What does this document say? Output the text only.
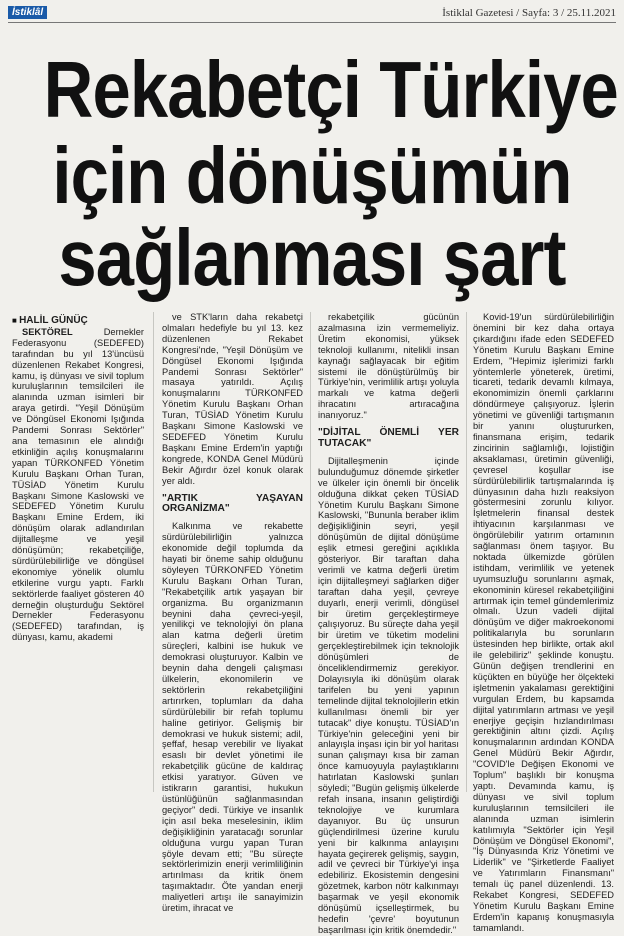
İstiklâl	İstiklal Gazetesi / Sayfa: 3 / 25.11.2021
Rekabetçi Türkiye
için dönüşümün
sağlanması şart
■ HALİL GÜNÜÇ

SEKTÖREL	Dernekler Federasyonu (SEDEFED) tarafından bu yıl 13'üncüsü düzenlenen Rekabet Kongresi, kamu, iş dünyası ve sivil toplum kuruluşlarının temsilcileri ile alanında uzman isimleri bir araya getirdi. "Yeşil Dönüşüm ve Döngüsel Ekonomi Işığında Pandemi Sonrası Sektörler" ana temasının ele alındığı etkinliğin açılış konuşmalarını yapan TÜRKONFED Yönetim Kurulu Başkanı Orhan Turan, TÜSİAD Yönetim Kurulu Başkanı Simone Kaslowski ve SEDEFED Yönetim Kurulu Başkanı Emine Erdem, iki dönüşüm olarak adlandırılan dijitalleşme ve yeşil dönüşümün; rekabetçiliğe, sürdürülebilirliğe ve döngüsel ekonomiye yönelik olumlu etkilerine vurgu yaptı. Farklı sektörlerde faaliyet gösteren 40 derneğin oluşturduğu Sektörel Dernekler Federasyonu (SEDEFED) tarafından, iş dünyası, kamu, akademi

ve STK'ların daha rekabetçi olmaları hedefiyle bu yıl 13. kez düzenlenen Rekabet Kongresi'nde, "Yeşil Dönüşüm ve Döngüsel Ekonomi Işığında Pandemi Sonrası Sektörler" masaya yatırıldı. Açılış konuşmalarını TÜRKONFED Yönetim Kurulu Başkanı Orhan Turan, TÜSİAD Yönetim Kurulu Başkanı Simone Kaslowski ve SEDEFED Yönetim Kurulu Başkanı Emine Erdem'in yaptığı kongrede, KONDA Genel Müdürü Bekir Ağırdır özel konuk olarak yer aldı.

"ARTIK YAŞAYAN ORGANİZMA"

Kalkınma ve rekabette sürdürülebilirliğin yalnızca ekonomide değil toplumda da hayati bir öneme sahip olduğunu söyleyen TÜRKONFED Yönetim Kurulu Başkanı Orhan Turan, "Rekabetçilik artık yaşayan bir organizma. Bu organizmanın beynini daha çevreci-yeşil, yenilikçi ve teknolojiyi ön plana alan katma değerli üretim süreçleri, kalbini ise hukuk ve demokrasi oluşturuyor. Kalbin ve beynin daha dengeli çalışması ülkelerin, ekonomilerin ve sektörlerin rekabetçiliğini artırırken, toplumları da daha sürdürülebilir bir refah toplumu haline getiriyor. Gelişmiş bir demokrasi ve hukuk sistemi; adil, şeffaf, hesap verebilir ve liyakat esaslı bir devlet yönetimi ile rekabetçilik gücüne de kaldıraç etkisi yaratıyor. Güven ve istikrarın garantisi, hukukun üstünlüğünün sağlanmasından geçiyor" dedi. Türkiye ve insanlık için asıl beka meselesinin, iklim değişikliğinin yaratacağı sorunlar olduğuna vurgu yapan Turan şöyle devam etti; "Bu süreçte sektörlerimizin enerji verimliliğinin artırılması da kritik önem taşımaktadır. Öte yandan enerji maliyetleri artışı ile sanayimizin üretim, ihracat ve

rekabetçilik gücünün azalmasına izin vermemeliyiz. Üretim ekonomisi, yüksek teknoloji kullanımı, nitelikli insan kaynağı sağlayacak bir eğitim sistemi ile dönüştürülmüş bir Türkiye'nin, verimlilik artışı yoluyla markalı ve katma değerli ihracatını artıracağına inanıyoruz."

"DİJİTAL ÖNEMLİ YER TUTACAK"

Dijitalleşmenin içinde bulunduğumuz dönemde şirketler ve ülkeler için önemli bir öncelik olduğuna dikkat çeken TÜSİAD Yönetim Kurulu Başkanı Simone Kaslowski, "Bununla beraber iklim değişikliğinin seyri, yeşil dönüşümün de dijital dönüşüme eşlik etmesi gereğini açıklıkla gösteriyor. Bir taraftan daha verimli ve katma değerli üretim için dijitalleşmeyi sağlarken diğer taraftan daha yeşil, çevreye duyarlı, enerji verimli, döngüsel bir üretim gerçekleştirmeye çalışıyoruz. Bu süreçte daha yeşil bir üretim ve tüketim modelini gerçekleştirebilmek için teknolojik dönüşümleri de önceliklendirmemiz gerekiyor. Dolayısıyla iki dönüşüm olarak tarifelen bu yeni yapının temelinde dijital teknolojilerin etkin kullanılması önemli bir yer tutacak" diye konuştu. TÜSİAD'ın Türkiye'nin geleceğini yeni bir anlayışla inşası için bir yol haritası sunan çalışmayı kısa bir zaman önce kamuoyuyla paylaştıklarını hatırlatan Kaslowski şunları söyledi; "Bugün gelişmiş ülkelerde refah insana, insanın geliştirdiği teknolojiye ve kurumlara dayanıyor. Bu üç unsurun güçlendirilmesi üzerine kurulu yeni bir kalkınma anlayışını hayata geçirerek gelişmiş, saygın, adil ve çevreci bir Türkiye'yi inşa edebiliriz. Ekosistemin dengesini gözetmek, karbon nötr kalkınmayı başarmak ve yeşil ekonomik dönüşümü içselleştirmek, bu hedefin 'çevre' boyutunun başarılması için kritik önemdedir."

Kovid-19'un sürdürülebilirliğin önemini bir kez daha ortaya çıkardığını ifade eden SEDEFED Yönetim Kurulu Başkanı Emine Erdem, "Hepimiz işlerimizi farklı yöntemlerle yöneterek, üretimi, ticareti, tedarik devamlı kılmaya, ekonomimizin önemli çarklarını döndürmeye çalışıyoruz. İşlerin yönetimi ve güvenliği tartışmanın bir yanını oluştururken, finansmana erişim, tedarik zincirinin sağlamlığı, lojistiğin aksaklaması, üretimin güvenliği, çevresel koşullar ise sürdürülebilirlik tartışmalarında iş dünyasının daha hızlı reaksiyon göstermesini zorunlu kılıyor. İşletmelerin finansal destek ihtiyacının karşılanması ve öngörülebilir yatırım ortamının sağlanması önem taşıyor. Bu noktada ülkemizde görülen istihdam, verimlilik ve yetenek uyumsuzluğu sorunlarını aşmak, ekonominin küresel rekabetçiliğini artırmak için temel gündemlerimiz olmalı. Uzun vadeli dijital dönüşüm ve diğer makroekonomi politikalarıyla bu sorunların üstesinden hep birlikte, ortak akıl ile gelebiliriz" şeklinde konuştu. Günün değişen trendlerini en küçükten en büyüğe her ölçekteki işletmenin yakalaması gerektiğini vurgulan Erdem, bu kapsamda dijital yatırımların artması ve yeşil enerjiye geçişin hızlandırılması gerektiğinin altını çizdi. Açılış konuşmalarının ardından KONDA Genel Müdürü Bekir Ağırdır, "COVID'le Değişen Ekonomi ve Toplum" başlıklı bir konuşma yaptı. Devamında kamu, iş dünyası ve sivil toplum kuruluşlarının temsilcileri ile alanında uzman isimlerin katılımıyla "Sektörler için Yeşil Dönüşüm ve Döngüsel Ekonomi", "İş Dünyasında Kriz Yönetimi ve Liderlik" ve "Şirketlerde Faaliyet ve Yatırımların Finansmanı" temalı üç panel düzenlendi. 13. Rekabet Kongresi, SEDEFED Yönetim Kurulu Başkanı Emine Erdem'in kapanış konuşmasıyla tamamlandı.
